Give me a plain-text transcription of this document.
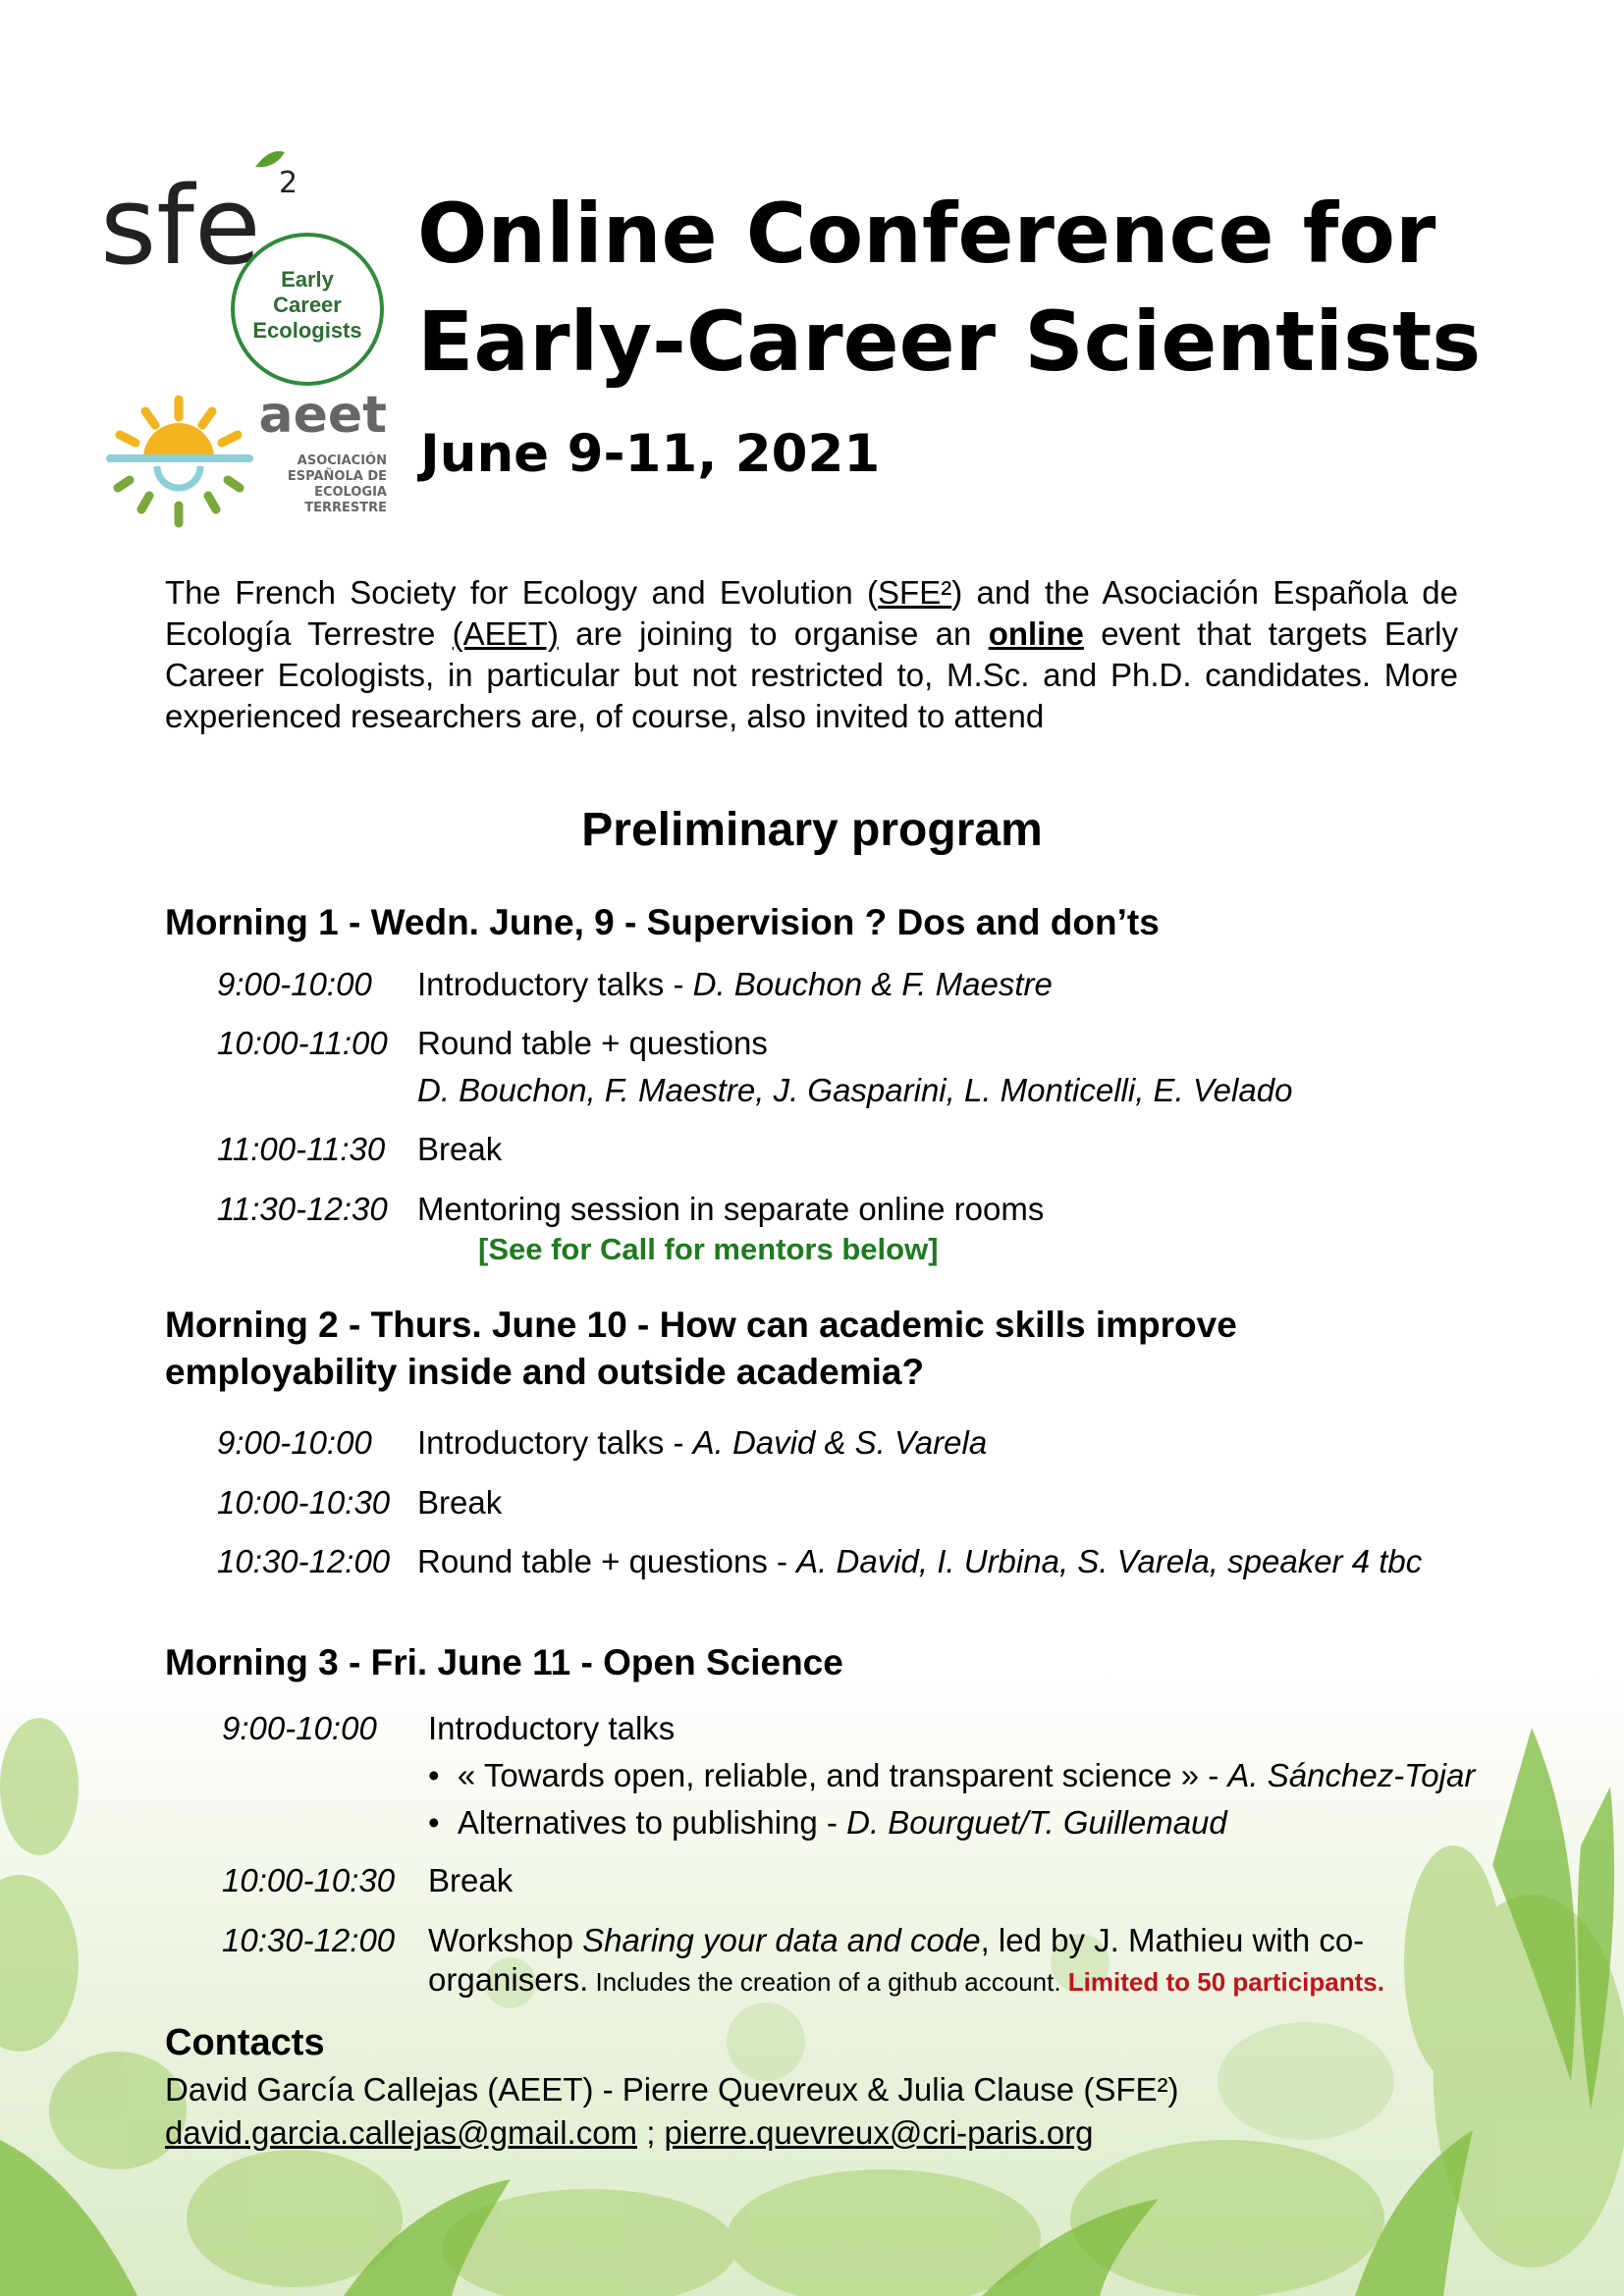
sfe 2
Early
Career
Ecologists
aeet
ASOCIACIÓN
ESPAÑOLA DE
ECOLOGIA
TERRESTRE
Online Conference for
Early-Career Scientists
June 9-11, 2021
The French Society for Ecology and Evolution (SFE²) and the Asociación Española de Ecología Terrestre (AEET) are joining to organise an online event that targets Early Career Ecologists, in particular but not restricted to, M.Sc. and Ph.D. candidates. More experienced researchers are, of course, also invited to attend
Preliminary program
Morning 1 - Wedn. June, 9 - Supervision ? Dos and don’ts
9:00-10:00 Introductory talks - D. Bouchon & F. Maestre
10:00-11:00 Round table + questions
D. Bouchon, F. Maestre, J. Gasparini, L. Monticelli, E. Velado
11:00-11:30 Break
11:30-12:30 Mentoring session in separate online rooms
[See for Call for mentors below]
Morning 2 - Thurs. June 10 - How can academic skills improve
employability inside and outside academia?
9:00-10:00 Introductory talks - A. David & S. Varela
10:00-10:30 Break
10:30-12:00 Round table + questions - A. David, I. Urbina, S. Varela, speaker 4 tbc
Morning 3 - Fri. June 11 - Open Science
9:00-10:00 Introductory talks
•  « Towards open, reliable, and transparent science » - A. Sánchez-Tojar
•  Alternatives to publishing - D. Bourguet/T. Guillemaud
10:00-10:30 Break
10:30-12:00 Workshop Sharing your data and code, led by J. Mathieu with co-
organisers. Includes the creation of a github account. Limited to 50 participants.
Contacts
David García Callejas (AEET) - Pierre Quevreux & Julia Clause (SFE²)
david.garcia.callejas@gmail.com ; pierre.quevreux@cri-paris.org
